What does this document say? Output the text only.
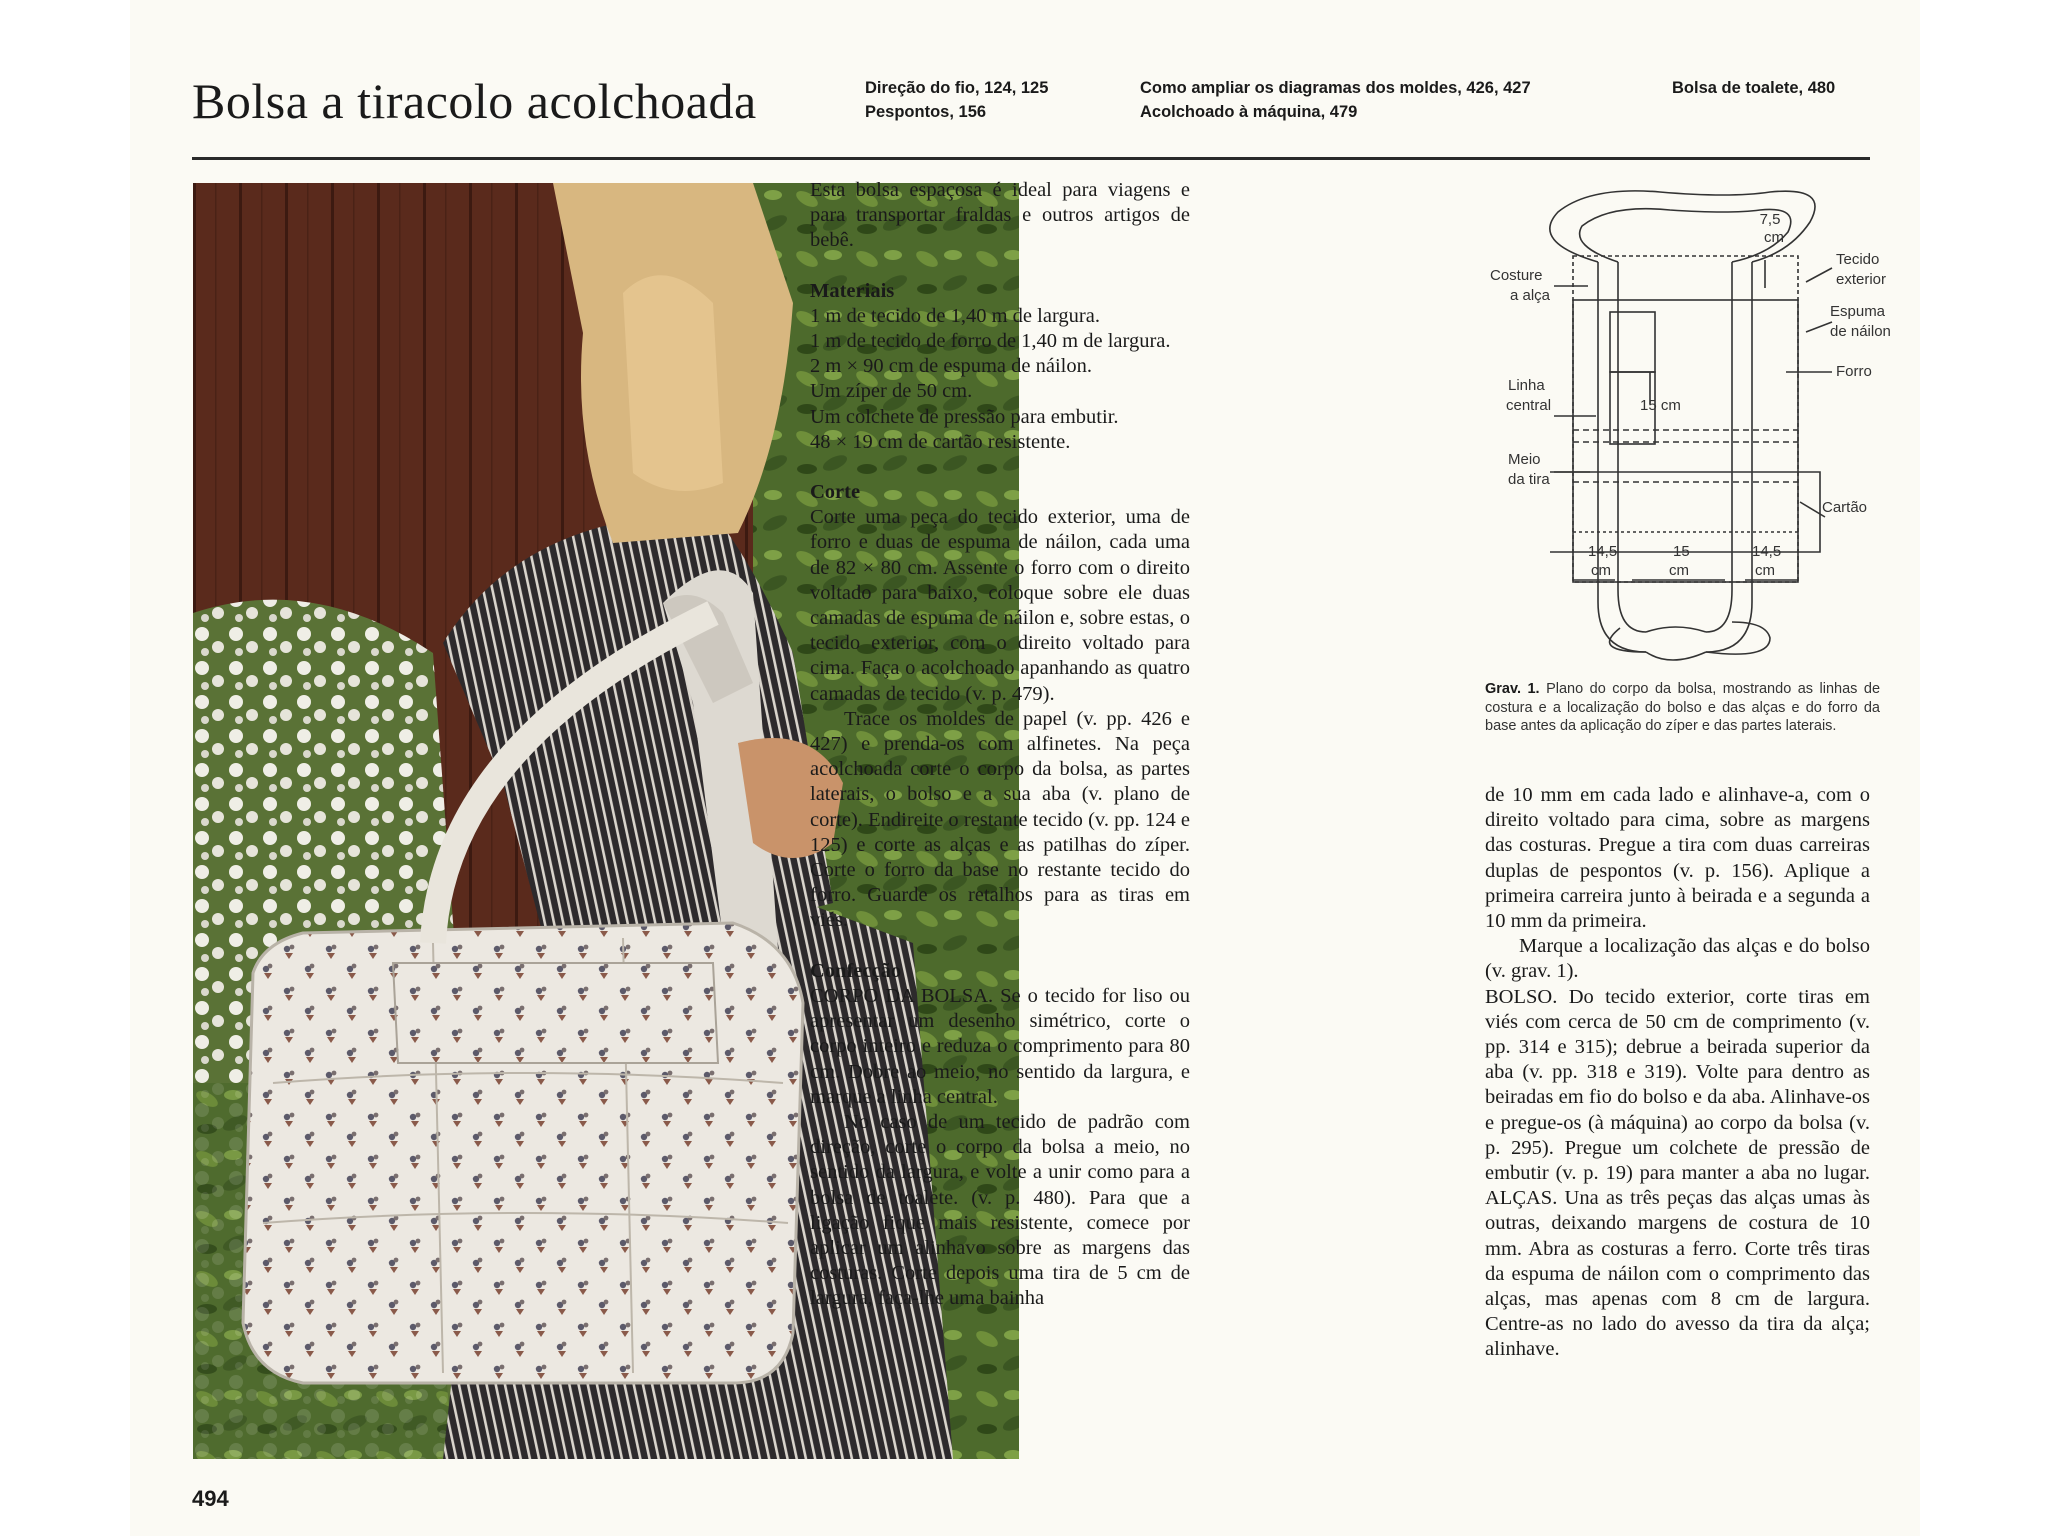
Bolsa a tiracolo acolchoada	Direção do fio, 124, 125
Pespontos, 156
Como ampliar os diagramas dos moldes, 426, 427
Acolchoado à máquina, 479
Bolsa de toalete, 480

Esta bolsa espaçosa é ideal para viagens e para transportar fraldas e outros artigos de bebê.

Materiais

1 m de tecido de 1,40 m de largura.

1 m de tecido de forro de 1,40 m de largura.

2 m × 90 cm de espuma de náilon.

Um zíper de 50 cm.

Um colchete de pressão para embutir.

48 × 19 cm de cartão resistente.

Corte

Corte uma peça do tecido exterior, uma de forro e duas de espuma de náilon, cada uma de 82 × 80 cm. Assente o forro com o direito voltado para baixo, coloque sobre ele duas camadas de espuma de náilon e, sobre estas, o tecido exterior, com o direito voltado para cima. Faça o acolchoado apanhando as quatro camadas de tecido (v. p. 479).

Trace os moldes de papel (v. pp. 426 e 427) e prenda-os com alfinetes. Na peça acolchoada corte o corpo da bolsa, as partes laterais, o bolso e a sua aba (v. plano de corte). Endireite o restante tecido (v. pp. 124 e 125) e corte as alças e as patilhas do zíper. Corte o forro da base no restante tecido do forro. Guarde os retalhos para as tiras em viés.

Confecção

CORPO DA BOLSA. Se o tecido for liso ou apresentar um desenho simétrico, corte o corpo inteiro e reduza o comprimento para 80 cm. Dobre ao meio, no sentido da largura, e marque a linha central.

No caso de um tecido de padrão com direção, corte o corpo da bolsa a meio, no sentido da largura, e volte a unir como para a bolsa de toalete. (v. p. 480). Para que a ligação fique mais resistente, comece por aplicar um alinhavo sobre as margens das costuras. Corte depois uma tira de 5 cm de largura, faça-lhe uma bainha

7,5
cm
Costure
a alça
Tecido
exterior
Espuma
de náilon
Forro
Linha
central	15 cm
Meio
da tira
Cartão
14,5
cm
15
cm
14,5
cm
Grav. 1. Plano do corpo da bolsa, mostrando as linhas de costura e a localização do bolso e das alças e do forro da base antes da aplicação do zíper e das partes laterais.

de 10 mm em cada lado e alinhave-a, com o direito voltado para cima, sobre as margens das costuras. Pregue a tira com duas carreiras duplas de pespontos (v. p. 156). Aplique a primeira carreira junto à beirada e a segunda a 10 mm da primeira.

Marque a localização das alças e do bolso (v. grav. 1).

BOLSO. Do tecido exterior, corte tiras em viés com cerca de 50 cm de comprimento (v. pp. 314 e 315); debrue a beirada superior da aba (v. pp. 318 e 319). Volte para dentro as beiradas em fio do bolso e da aba. Alinhave-os e pregue-os (à máquina) ao corpo da bolsa (v. p. 295). Pregue um colchete de pressão de embutir (v. p. 19) para manter a aba no lugar. ALÇAS. Una as três peças das alças umas às outras, deixando margens de costura de 10 mm. Abra as costuras a ferro. Corte três tiras da espuma de náilon com o comprimento das alças, mas apenas com 8 cm de largura. Centre-as no lado do avesso da tira da alça; alinhave.

494
